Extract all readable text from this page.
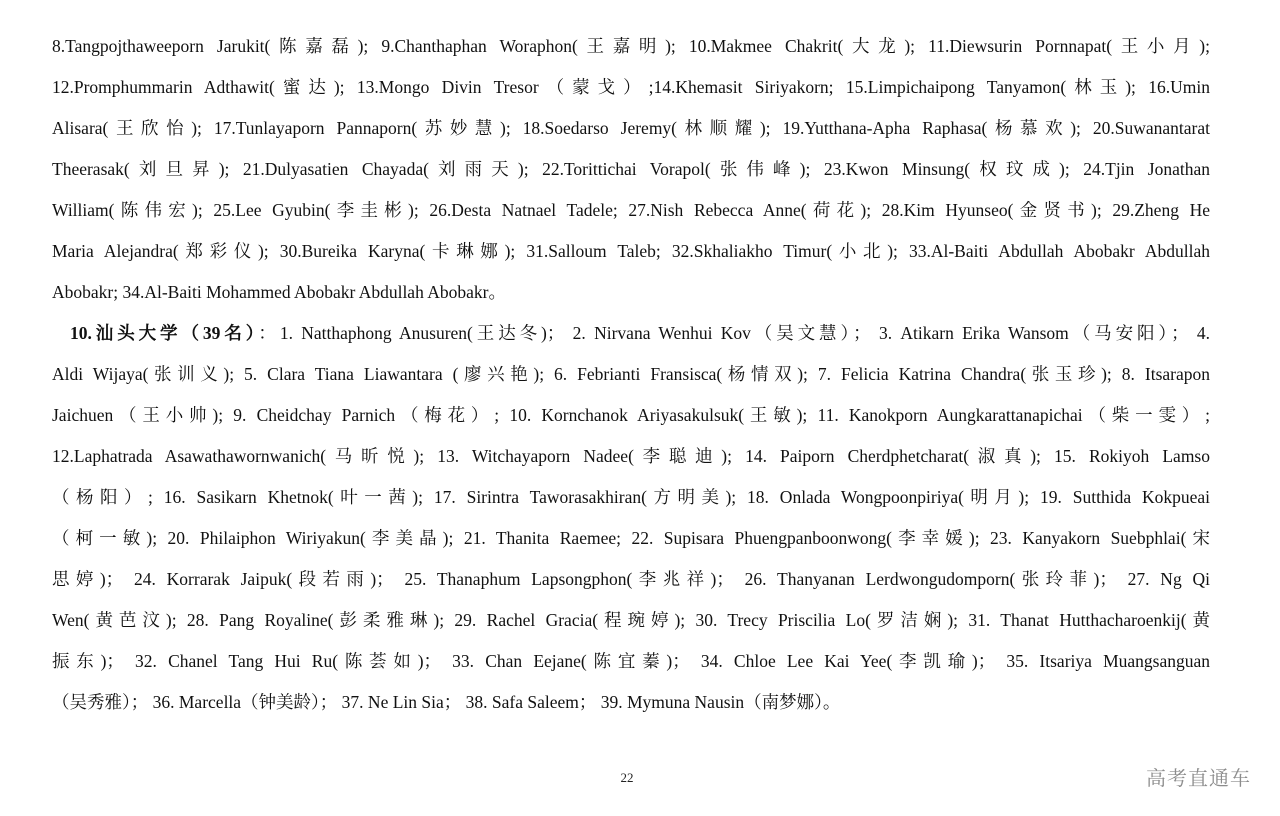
8.Tangpojthaweeporn Jarukit(陈嘉磊); 9.Chanthaphan Woraphon(王嘉明); 10.Makmee Chakrit(大龙); 11.Diewsurin Pornnapat(王小月);
12.Promphummarin Adthawit(蜜达); 13.Mongo Divin Tresor（蒙戈）;14.Khemasit Siriyakorn; 15.Limpichaipong Tanyamon(林玉); 16.Umin
Alisara(王欣怡); 17.Tunlayaporn Pannaporn(苏妙慧); 18.Soedarso Jeremy(林顺耀); 19.Yutthana-Apha Raphasa(杨慕欢); 20.Suwanantarat
Theerasak(刘旦昇); 21.Dulyasatien Chayada(刘雨天); 22.Torittichai Vorapol(张伟峰); 23.Kwon Minsung(权玟成); 24.Tjin Jonathan
William(陈伟宏); 25.Lee Gyubin(李圭彬); 26.Desta Natnael Tadele; 27.Nish Rebecca Anne(荷花); 28.Kim Hyunseo(金贤书); 29.Zheng He
Maria Alejandra(郑彩仪); 30.Bureika Karyna(卡琳娜); 31.Salloum Taleb; 32.Skhaliakho Timur(小北); 33.Al-Baiti Abdullah Abobakr Abdullah
Abobakr; 34.Al-Baiti Mohammed Abobakr Abdullah Abobakr。
10.汕头大学（39名）：1. Natthaphong Anusuren(王达冬)； 2. Nirvana Wenhui Kov（吴文慧）； 3. Atikarn Erika Wansom（马安阳）； 4.
Aldi Wijaya(张训义); 5. Clara Tiana Liawantara (廖兴艳); 6. Febrianti Fransisca(杨情双); 7. Felicia Katrina Chandra(张玉珍); 8. Itsarapon
Jaichuen（王小帅); 9. Cheidchay Parnich（梅花）; 10. Kornchanok Ariyasakulsuk(王敏); 11. Kanokporn Aungkarattanapichai（柴一雯）;
12.Laphatrada Asawathawornwanich(马昕悦); 13. Witchayaporn Nadee(李聪迪); 14. Paiporn Cherdphetcharat(淑真); 15. Rokiyoh Lamso
（杨阳）; 16. Sasikarn Khetnok(叶一茜); 17. Sirintra Taworasakhiran(方明美); 18. Onlada Wongpoonpiriya(明月); 19. Sutthida Kokpueai
（柯一敏); 20. Philaiphon Wiriyakun(李美晶); 21. Thanita Raemee; 22. Supisara Phuengpanboonwong(李幸媛); 23. Kanyakorn Suebphlai(宋
思婷)； 24. Korrarak Jaipuk(段若雨)； 25. Thanaphum Lapsongphon(李兆祥)； 26. Thanyanan Lerdwongudomporn(张玲菲)； 27. Ng Qi
Wen(黄芭汶); 28. Pang Royaline(彭柔雅琳); 29. Rachel Gracia(程琬婷); 30. Trecy Priscilia Lo(罗洁娴); 31. Thanat Hutthacharoenkij(黄
振东)； 32. Chanel Tang Hui Ru(陈荟如)； 33. Chan Eejane(陈宜蓁)； 34. Chloe Lee Kai Yee(李凯瑜)； 35. Itsariya Muangsanguan
（吴秀雅）； 36. Marcella（钟美龄）； 37. Ne Lin Sia； 38. Safa Saleem； 39. Mymuna Nausin（南梦娜）。
22	高考直通车
